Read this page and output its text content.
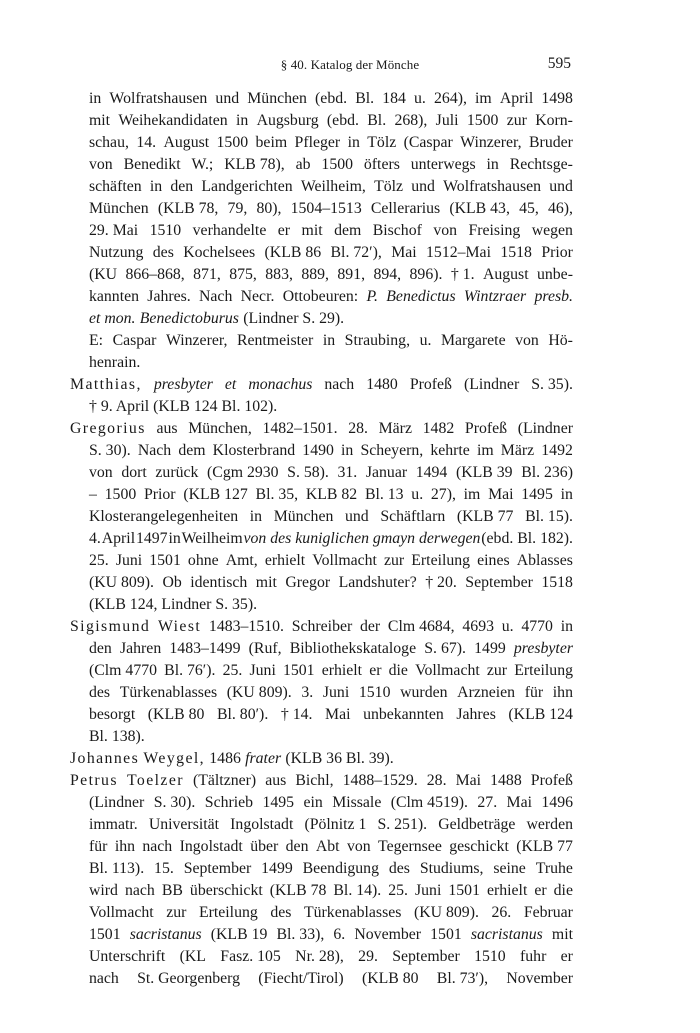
§ 40. Katalog der Mönche	595
in Wolfratshausen und München (ebd. Bl. 184 u. 264), im April 1498
mit Weihekandidaten in Augsburg (ebd. Bl. 268), Juli 1500 zur Korn-
schau, 14. August 1500 beim Pfleger in Tölz (Caspar Winzerer, Bruder
von Benedikt W.; KLB 78), ab 1500 öfters unterwegs in Rechtsge-
schäften in den Landgerichten Weilheim, Tölz und Wolfratshausen und
München (KLB 78, 79, 80), 1504–1513 Cellerarius (KLB 43, 45, 46),
29. Mai 1510 verhandelte er mit dem Bischof von Freising wegen
Nutzung des Kochelsees (KLB 86 Bl. 72′), Mai 1512–Mai 1518 Prior
(KU 866–868, 871, 875, 883, 889, 891, 894, 896). † 1. August unbe-
kannten Jahres. Nach Necr. Ottobeuren: P. Benedictus Wintzraer presb.
et mon. Benedictoburus (Lindner S. 29).
E: Caspar Winzerer, Rentmeister in Straubing, u. Margarete von Hö-
henrain.
Matthias, presbyter et monachus nach 1480 Profeß (Lindner S. 35).
† 9. April (KLB 124 Bl. 102).
Gregorius aus München, 1482–1501. 28. März 1482 Profeß (Lindner
S. 30). Nach dem Klosterbrand 1490 in Scheyern, kehrte im März 1492
von dort zurück (Cgm 2930 S. 58). 31. Januar 1494 (KLB 39 Bl. 236)
– 1500 Prior (KLB 127 Bl. 35, KLB 82 Bl. 13 u. 27), im Mai 1495 in
Klosterangelegenheiten in München und Schäftlarn (KLB 77 Bl. 15).
4. April 1497 in Weilheim von des kuniglichen gmayn derwegen (ebd. Bl. 182).
25. Juni 1501 ohne Amt, erhielt Vollmacht zur Erteilung eines Ablasses
(KU 809). Ob identisch mit Gregor Landshuter? † 20. September 1518
(KLB 124, Lindner S. 35).
Sigismund Wiest 1483–1510. Schreiber der Clm 4684, 4693 u. 4770 in
den Jahren 1483–1499 (Ruf, Bibliothekskataloge S. 67). 1499 presbyter
(Clm 4770 Bl. 76′). 25. Juni 1501 erhielt er die Vollmacht zur Erteilung
des Türkenablasses (KU 809). 3. Juni 1510 wurden Arzneien für ihn
besorgt (KLB 80 Bl. 80′). † 14. Mai unbekannten Jahres (KLB 124
Bl. 138).
Johannes Weygel, 1486 frater (KLB 36 Bl. 39).
Petrus Toelzer (Tältzner) aus Bichl, 1488–1529. 28. Mai 1488 Profeß
(Lindner S. 30). Schrieb 1495 ein Missale (Clm 4519). 27. Mai 1496
immatr. Universität Ingolstadt (Pölnitz 1 S. 251). Geldbeträge werden
für ihn nach Ingolstadt über den Abt von Tegernsee geschickt (KLB 77
Bl. 113). 15. September 1499 Beendigung des Studiums, seine Truhe
wird nach BB überschickt (KLB 78 Bl. 14). 25. Juni 1501 erhielt er die
Vollmacht zur Erteilung des Türkenablasses (KU 809). 26. Februar
1501 sacristanus (KLB 19 Bl. 33), 6. November 1501 sacristanus mit
Unterschrift (KL Fasz. 105 Nr. 28), 29. September 1510 fuhr er
nach St. Georgenberg (Fiecht/Tirol) (KLB 80 Bl. 73′), November
